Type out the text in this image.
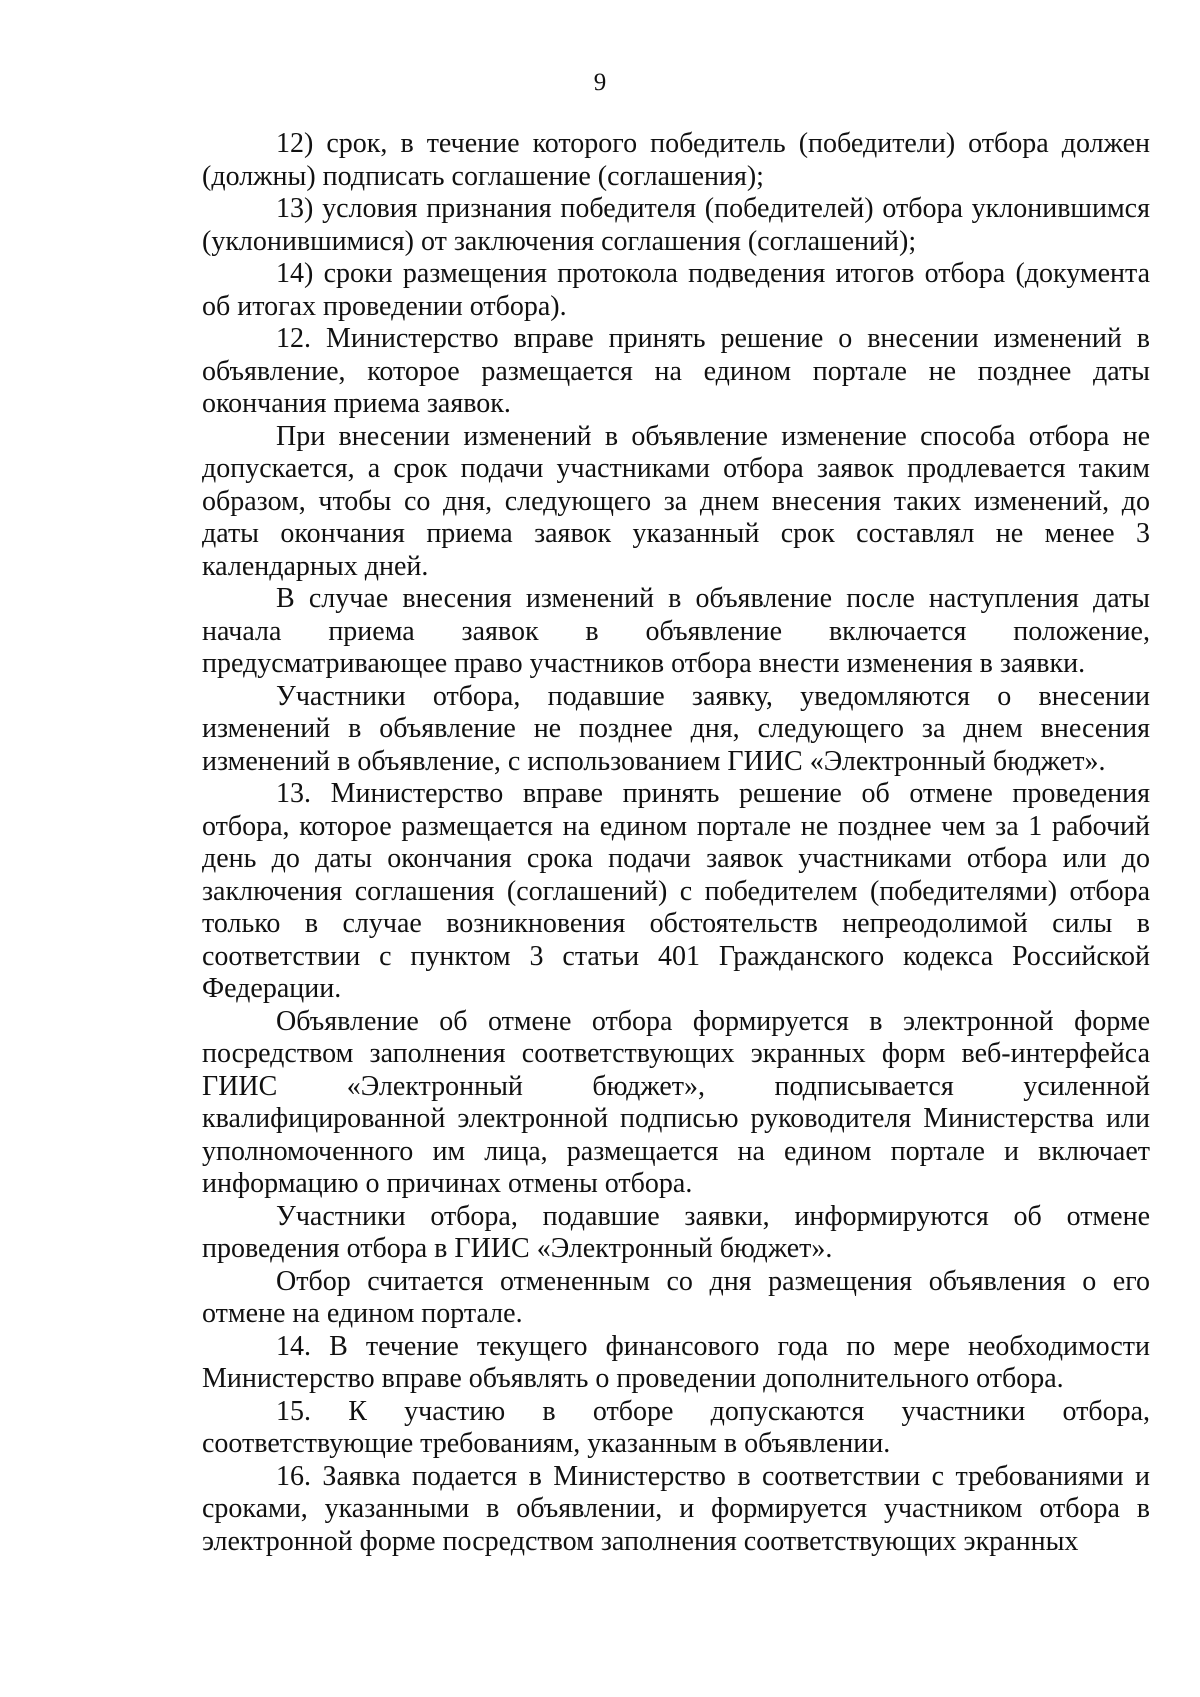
9

12) срок, в течение которого победитель (победители) отбора должен (должны) подписать соглашение (соглашения);

13) условия признания победителя (победителей) отбора уклонившимся (уклонившимися) от заключения соглашения (соглашений);

14) сроки размещения протокола подведения итогов отбора (документа об итогах проведении отбора).

12. Министерство вправе принять решение о внесении изменений в объявление, которое размещается на едином портале не позднее даты окончания приема заявок.

При внесении изменений в объявление изменение способа отбора не допускается, а срок подачи участниками отбора заявок продлевается таким образом, чтобы со дня, следующего за днем внесения таких изменений, до даты окончания приема заявок указанный срок составлял не менее 3 календарных дней.

В случае внесения изменений в объявление после наступления даты начала приема заявок в объявление включается положение, предусматривающее право участников отбора внести изменения в заявки.

Участники отбора, подавшие заявку, уведомляются о внесении изменений в объявление не позднее дня, следующего за днем внесения изменений в объявление, с использованием ГИИС «Электронный бюджет».

13. Министерство вправе принять решение об отмене проведения отбора, которое размещается на едином портале не позднее чем за 1 рабочий день до даты окончания срока подачи заявок участниками отбора или до заключения соглашения (соглашений) с победителем (победителями) отбора только в случае возникновения обстоятельств непреодолимой силы в соответствии с пунктом 3 статьи 401 Гражданского кодекса Российской Федерации.

Объявление об отмене отбора формируется в электронной форме посредством заполнения соответствующих экранных форм веб-интерфейса ГИИС «Электронный бюджет», подписывается усиленной квалифицированной электронной подписью руководителя Министерства или уполномоченного им лица, размещается на едином портале и включает информацию о причинах отмены отбора.

Участники отбора, подавшие заявки, информируются об отмене проведения отбора в ГИИС «Электронный бюджет».

Отбор считается отмененным со дня размещения объявления о его отмене на едином портале.

14. В течение текущего финансового года по мере необходимости Министерство вправе объявлять о проведении дополнительного отбора.

15. К участию в отборе допускаются участники отбора, соответствующие требованиям, указанным в объявлении.

16. Заявка подается в Министерство в соответствии с требованиями и сроками, указанными в объявлении, и формируется участником отбора в электронной форме посредством заполнения соответствующих экранных
